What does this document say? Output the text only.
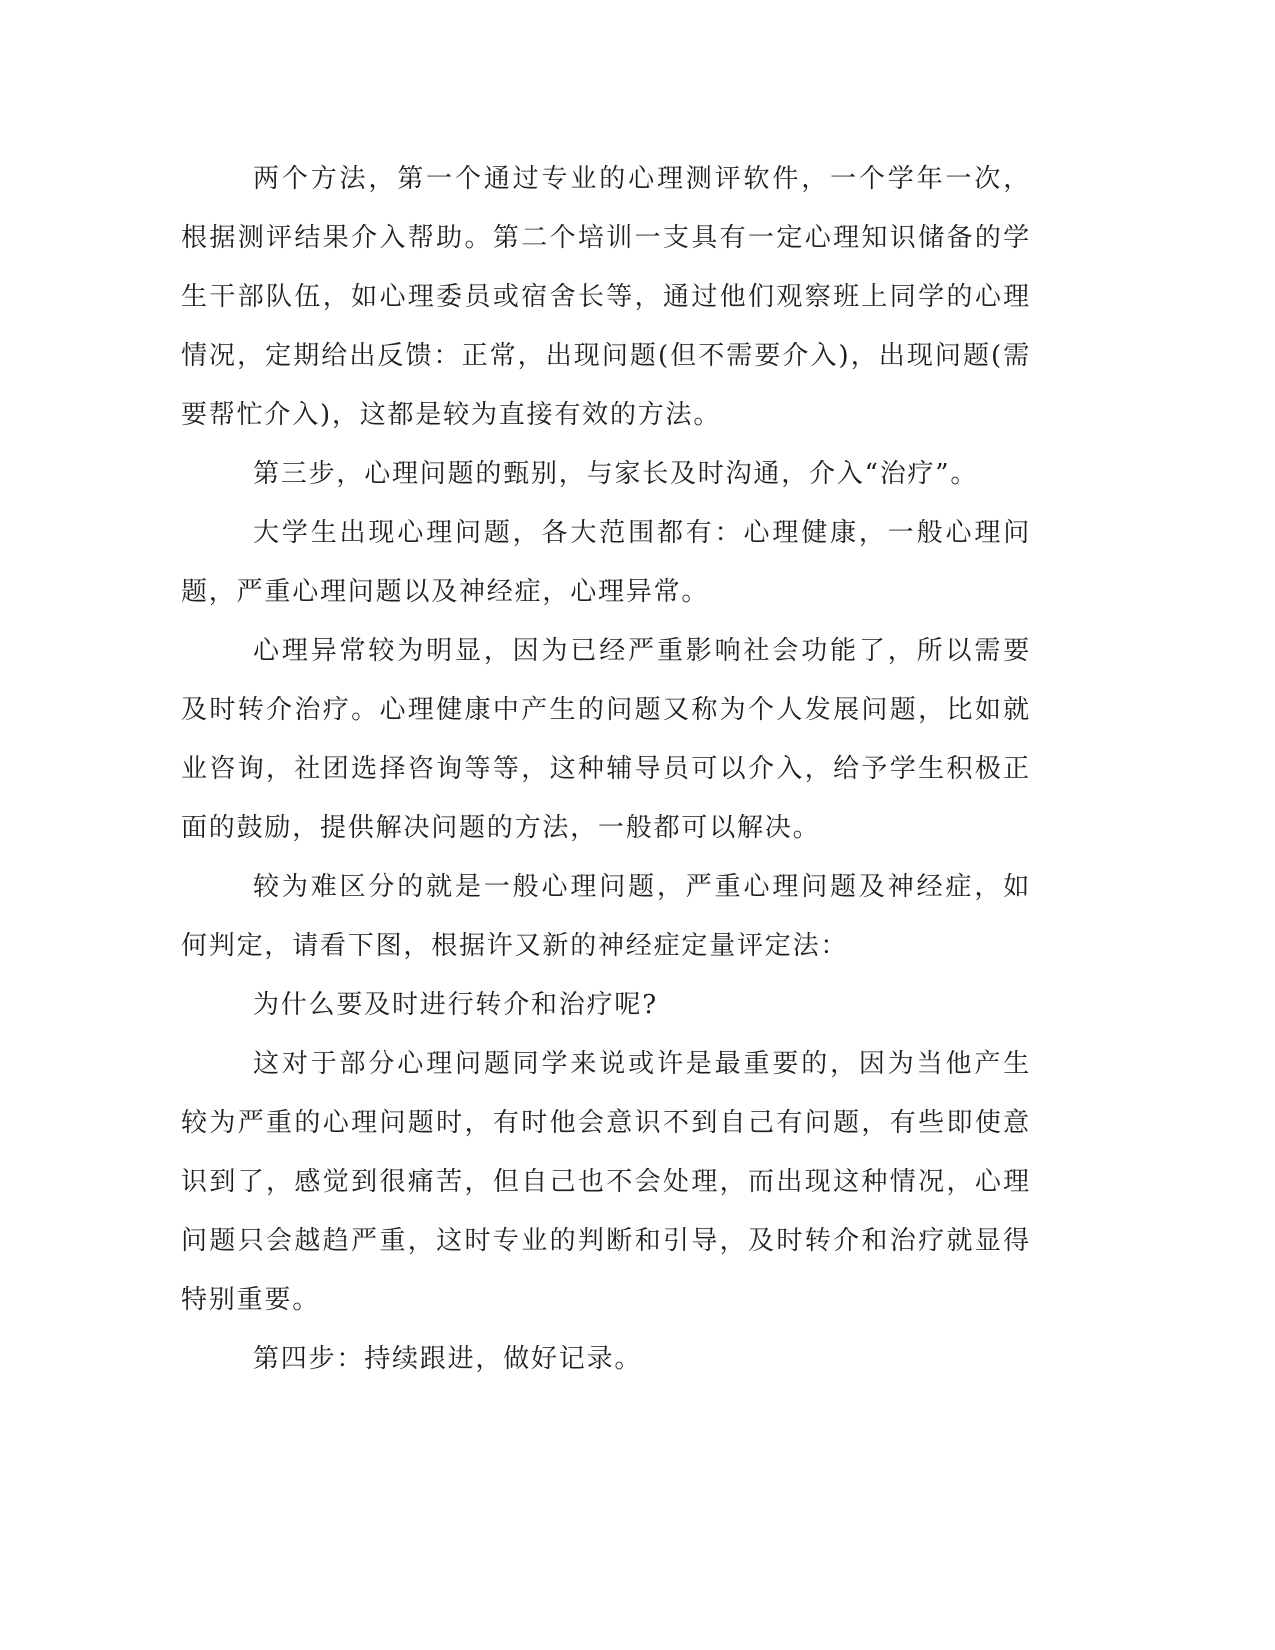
两个方法，第一个通过专业的心理测评软件，一个学年一次，根据测评结果介入帮助。第二个培训一支具有一定心理知识储备的学生干部队伍，如心理委员或宿舍长等，通过他们观察班上同学的心理情况，定期给出反馈：正常，出现问题(但不需要介入)，出现问题(需要帮忙介入)，这都是较为直接有效的方法。

第三步，心理问题的甄别，与家长及时沟通，介入“治疗”。

大学生出现心理问题，各大范围都有：心理健康，一般心理问题，严重心理问题以及神经症，心理异常。

心理异常较为明显，因为已经严重影响社会功能了，所以需要及时转介治疗。心理健康中产生的问题又称为个人发展问题，比如就业咨询，社团选择咨询等等，这种辅导员可以介入，给予学生积极正面的鼓励，提供解决问题的方法，一般都可以解决。

较为难区分的就是一般心理问题，严重心理问题及神经症，如何判定，请看下图，根据许又新的神经症定量评定法：

为什么要及时进行转介和治疗呢?

这对于部分心理问题同学来说或许是最重要的，因为当他产生较为严重的心理问题时，有时他会意识不到自己有问题，有些即使意识到了，感觉到很痛苦，但自己也不会处理，而出现这种情况，心理问题只会越趋严重，这时专业的判断和引导，及时转介和治疗就显得特别重要。

第四步：持续跟进，做好记录。
